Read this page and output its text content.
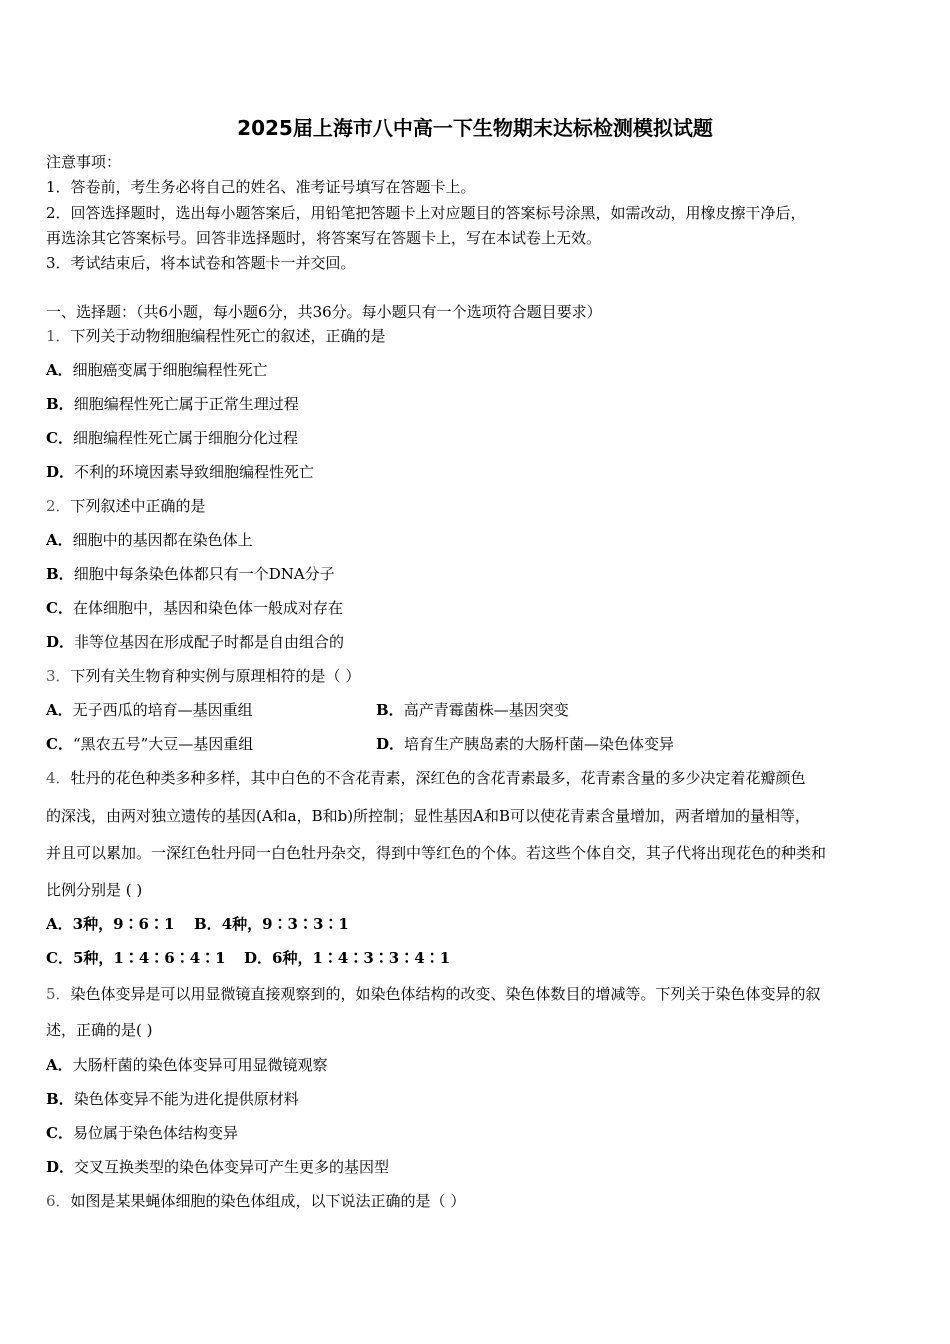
2025届上海市八中高一下生物期末达标检测模拟试题
注意事项：
1．答卷前，考生务必将自己的姓名、准考证号填写在答题卡上。
2．回答选择题时，选出每小题答案后，用铅笔把答题卡上对应题目的答案标号涂黑，如需改动，用橡皮擦干净后，
再选涂其它答案标号。回答非选择题时，将答案写在答题卡上，写在本试卷上无效。
3．考试结束后，将本试卷和答题卡一并交回。
一、选择题：（共6小题，每小题6分，共36分。每小题只有一个选项符合题目要求）
1．下列关于动物细胞编程性死亡的叙述，正确的是
A．细胞癌变属于细胞编程性死亡
B．细胞编程性死亡属于正常生理过程
C．细胞编程性死亡属于细胞分化过程
D．不利的环境因素导致细胞编程性死亡
2．下列叙述中正确的是
A．细胞中的基因都在染色体上
B．细胞中每条染色体都只有一个DNA分子
C．在体细胞中，基因和染色体一般成对存在
D．非等位基因在形成配子时都是自由组合的
3．下列有关生物育种实例与原理相符的是（ ）
A．无子西瓜的培育—基因重组	B．高产青霉菌株—基因突变
C．“黑农五号”大豆—基因重组	D．培育生产胰岛素的大肠杆菌—染色体变异
4．牡丹的花色种类多种多样，其中白色的不含花青素，深红色的含花青素最多，花青素含量的多少决定着花瓣颜色
的深浅，由两对独立遗传的基因(A和a，B和b)所控制；显性基因A和B可以使花青素含量增加，两者增加的量相等，
并且可以累加。一深红色牡丹同一白色牡丹杂交，得到中等红色的个体。若这些个体自交，其子代将出现花色的种类和
比例分别是 ( )
A．3种，9∶6∶1 B．4种，9∶3∶3∶1
C．5种，1∶4∶6∶4∶1 D．6种，1∶4∶3∶3∶4∶1
5．染色体变异是可以用显微镜直接观察到的，如染色体结构的改变、染色体数目的增减等。下列关于染色体变异的叙
述，正确的是( )
A．大肠杆菌的染色体变异可用显微镜观察
B．染色体变异不能为进化提供原材料
C．易位属于染色体结构变异
D．交叉互换类型的染色体变异可产生更多的基因型
6．如图是某果蝇体细胞的染色体组成，以下说法正确的是（ ）
